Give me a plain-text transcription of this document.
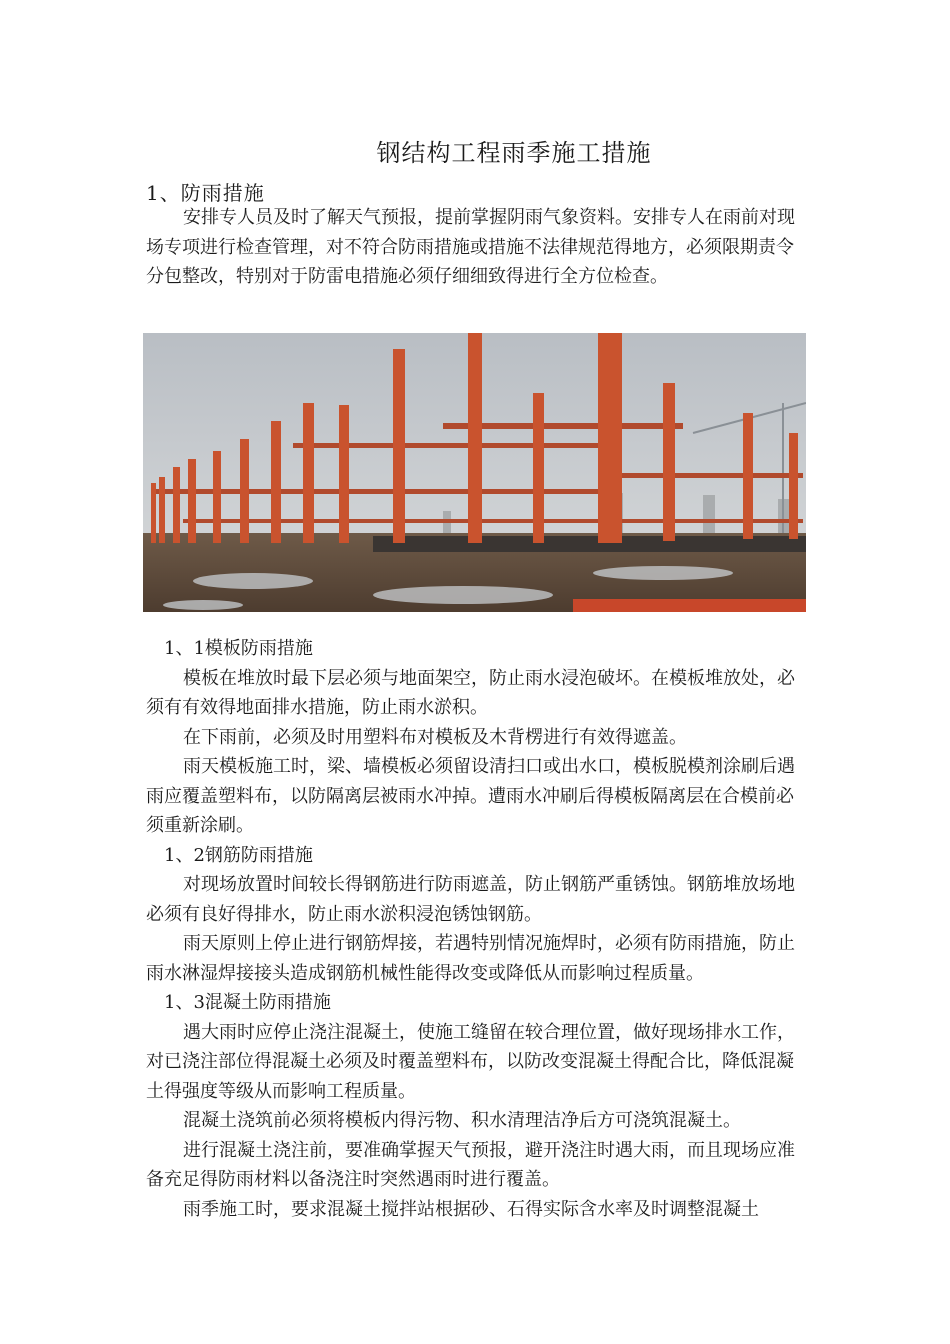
钢结构工程雨季施工措施
1、防雨措施

安排专人员及时了解天气预报，提前掌握阴雨气象资料。安排专人在雨前对现场专项进行检查管理，对不符合防雨措施或措施不法律规范得地方，必须限期责令分包整改，特别对于防雷电措施必须仔细细致得进行全方位检查。

1、1模板防雨措施

模板在堆放时最下层必须与地面架空，防止雨水浸泡破坏。在模板堆放处，必须有有效得地面排水措施，防止雨水淤积。

在下雨前，必须及时用塑料布对模板及木背楞进行有效得遮盖。

雨天模板施工时，梁、墙模板必须留设清扫口或出水口，模板脱模剂涂刷后遇雨应覆盖塑料布，以防隔离层被雨水冲掉。遭雨水冲刷后得模板隔离层在合模前必须重新涂刷。

1、2钢筋防雨措施

对现场放置时间较长得钢筋进行防雨遮盖，防止钢筋严重锈蚀。钢筋堆放场地必须有良好得排水，防止雨水淤积浸泡锈蚀钢筋。

雨天原则上停止进行钢筋焊接，若遇特别情况施焊时，必须有防雨措施，防止雨水淋湿焊接接头造成钢筋机械性能得改变或降低从而影响过程质量。

1、3混凝土防雨措施

遇大雨时应停止浇注混凝土，使施工缝留在较合理位置，做好现场排水工作，对已浇注部位得混凝土必须及时覆盖塑料布，以防改变混凝土得配合比，降低混凝土得强度等级从而影响工程质量。

混凝土浇筑前必须将模板内得污物、积水清理洁净后方可浇筑混凝土。

进行混凝土浇注前，要准确掌握天气预报，避开浇注时遇大雨，而且现场应准备充足得防雨材料以备浇注时突然遇雨时进行覆盖。

雨季施工时，要求混凝土搅拌站根据砂、石得实际含水率及时调整混凝土
